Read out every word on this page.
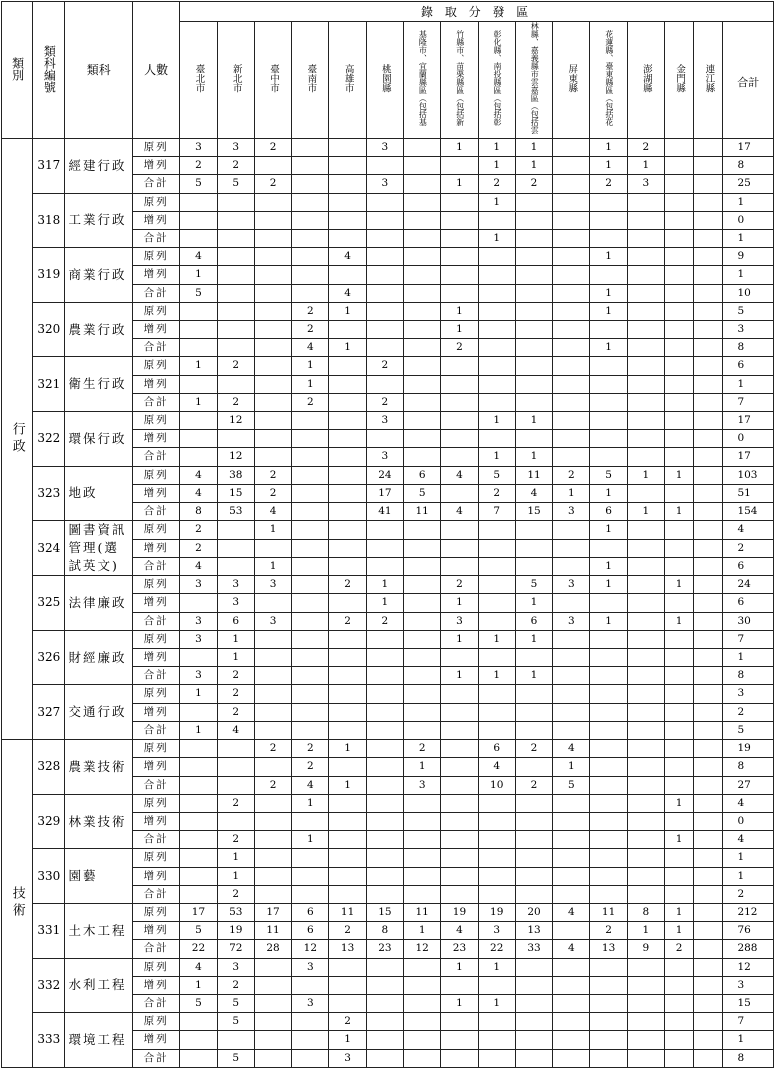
類別	類科編號	類科	人數	錄 取 分 發 區															
				臺北市	新北市	臺中市	臺南市	高雄市	桃園縣	基隆市、宜蘭縣區（包括基	竹縣市、苗栗縣區（包括新	彰化縣、南投縣區（包括彰	林縣、嘉義縣市雲嘉區（包括雲	屏東縣	花蓮縣、臺東縣區（包括花	澎湖縣	金門縣	連江縣	合計
行政	317	經建行政	原列	3	3	2			3		1	1	1		1	2			17
			增列	2	2							1	1		1	1			8
			合計	5	5	2			3		1	2	2		2	3			25
	318	工業行政	原列									1							1
			增列																0
			合計									1							1
	319	商業行政	原列	4				4							1				9
			增列	1															1
			合計	5				4							1				10
	320	農業行政	原列				2	1			1				1				5
			增列				2				1								3
			合計				4	1			2				1				8
	321	衛生行政	原列	1	2		1		2										6
			增列				1												1
			合計	1	2		2		2										7
	322	環保行政	原列		12				3			1	1						17
			增列																0
			合計		12				3			1	1						17
	323	地政	原列	4	38	2			24	6	4	5	11	2	5	1	1		103
			增列	4	15	2			17	5		2	4	1	1				51
			合計	8	53	4			41	11	4	7	15	3	6	1	1		154
	324	圖書資訊管理(選試英文)	原列	2		1									1				4
			增列	2															2
			合計	4		1									1				6
	325	法律廉政	原列	3	3	3		2	1		2		5	3	1		1		24
			增列		3				1		1		1						6
			合計	3	6	3		2	2		3		6	3	1		1		30
	326	財經廉政	原列	3	1						1	1	1						7
			增列		1														1
			合計	3	2						1	1	1						8
	327	交通行政	原列	1	2														3
			增列		2														2
			合計	1	4														5
技術	328	農業技術	原列			2	2	1		2		6	2	4					19
			增列				2			1		4		1					8
			合計			2	4	1		3		10	2	5					27
	329	林業技術	原列		2		1										1		4
			增列																0
			合計		2		1										1		4
	330	園藝	原列		1														1
			增列		1														1
			合計		2														2
	331	土木工程	原列	17	53	17	6	11	15	11	19	19	20	4	11	8	1		212
			增列	5	19	11	6	2	8	1	4	3	13		2	1	1		76
			合計	22	72	28	12	13	23	12	23	22	33	4	13	9	2		288
	332	水利工程	原列	4	3		3				1	1							12
			增列	1	2														3
			合計	5	5		3				1	1							15
	333	環境工程	原列		5			2											7
			增列					1											1
			合計		5			3											8
